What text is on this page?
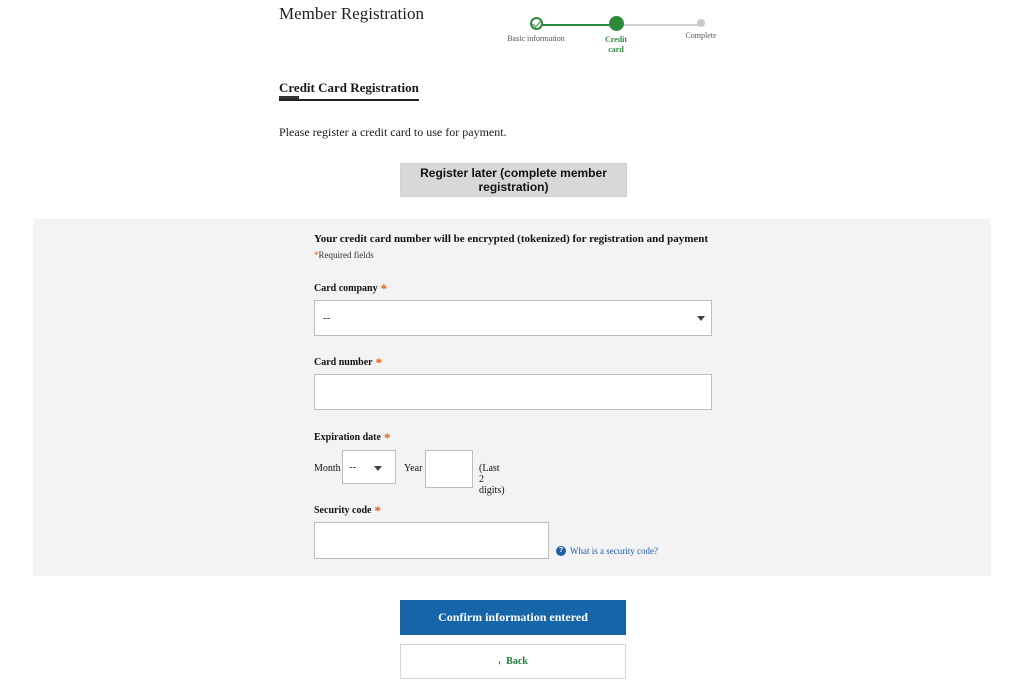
Member Registration
Basic information	Credit
card
Complete
Credit Card Registration
Please register a credit card to use for payment.
Register later (complete member registration)
Your credit card number will be encrypted (tokenized) for registration and payment
*Required fields
Card company *
--
Card number *
Expiration date *
Month
--	Year	(Last 2 digits)
Security code *
? What is a security code?
Confirm information entered
‹ Back
